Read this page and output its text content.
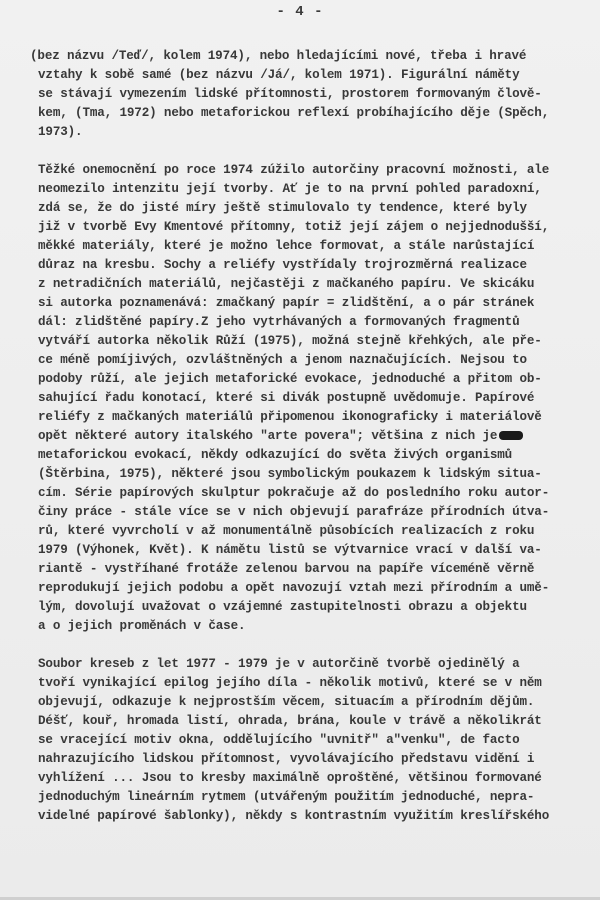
- 4 -
(bez názvu /Teď/, kolem 1974), nebo hledajícími nové, třeba i hravé
vztahy k sobě samé (bez názvu /Já/, kolem 1971). Figurální náměty
se stávají vymezením lidské přítomnosti, prostorem formovaným člově-
kem, (Tma, 1972) nebo metaforickou reflexí probíhajícího děje (Spěch,
1973).
Těžké onemocnění po roce 1974 zúžilo autorčiny pracovní možnosti, ale
neomezilo intenzitu její tvorby. Ať je to na první pohled paradoxní,
zdá se, že do jisté míry ještě stimulovalo ty tendence, které byly
již v tvorbě Evy Kmentové přítomny, totiž její zájem o nejjednodušší,
měkké materiály, které je možno lehce formovat, a stále narůstající
důraz na kresbu. Sochy a reliéfy vystřídaly trojrozměrná realizace
z netradičních materiálů, nejčastěji z mačkaného papíru. Ve skicáku
si autorka poznamenává: zmačkaný papír = zlidštění, a o pár stránek
dál: zlidštěné papíry.Z jeho vytrhávaných a formovaných fragmentů
vytváří autorka několik Růží (1975), možná stejně křehkých, ale pře-
ce méně pomíjivých, ozvláštněných a jenom naznačujících. Nejsou to
podoby růží, ale jejich metaforické evokace, jednoduché a přitom ob-
sahující řadu konotací, které si divák postupně uvědomuje. Papírové
reliéfy z mačkaných materiálů připomenou ikonograficky i materiálově
opět některé autory italského "arte povera"; většina z nich je
metaforickou evokací, někdy odkazující do světa živých organismů
(Štěrbina, 1975), některé jsou symbolickým poukazem k lidským situa-
cím. Série papírových skulptur pokračuje až do posledního roku autor-
činy práce - stále více se v nich objevují parafráze přírodních útva-
rů, které vyvrcholí v až monumentálně působících realizacích z roku
1979 (Výhonek, Květ). K námětu listů se výtvarnice vrací v další va-
riantě - vystříhané frotáže zelenou barvou na papíře víceméně věrně
reprodukují jejich podobu a opět navozují vztah mezi přírodním a umě-
lým, dovolují uvažovat o vzájemné zastupitelnosti obrazu a objektu
a o jejich proměnách v čase.
Soubor kreseb z let 1977 - 1979 je v autorčině tvorbě ojedinělý a
tvoří vynikající epilog jejího díla - několik motivů, které se v něm
objevují, odkazuje k nejprostším věcem, situacím a přírodním dějům.
Déšť, kouř, hromada listí, ohrada, brána, koule v trávě a několikrát
se vracející motiv okna, oddělujícího "uvnitř" a"venku", de facto
nahrazujícího lidskou přítomnost, vyvolávajícího představu vidění i
vyhlížení ... Jsou to kresby maximálně oproštěné, většinou formované
jednoduchým lineárním rytmem (utvářeným použitím jednoduché, nepra-
videlné papírové šablonky), někdy s kontrastním využitím kreslířského
